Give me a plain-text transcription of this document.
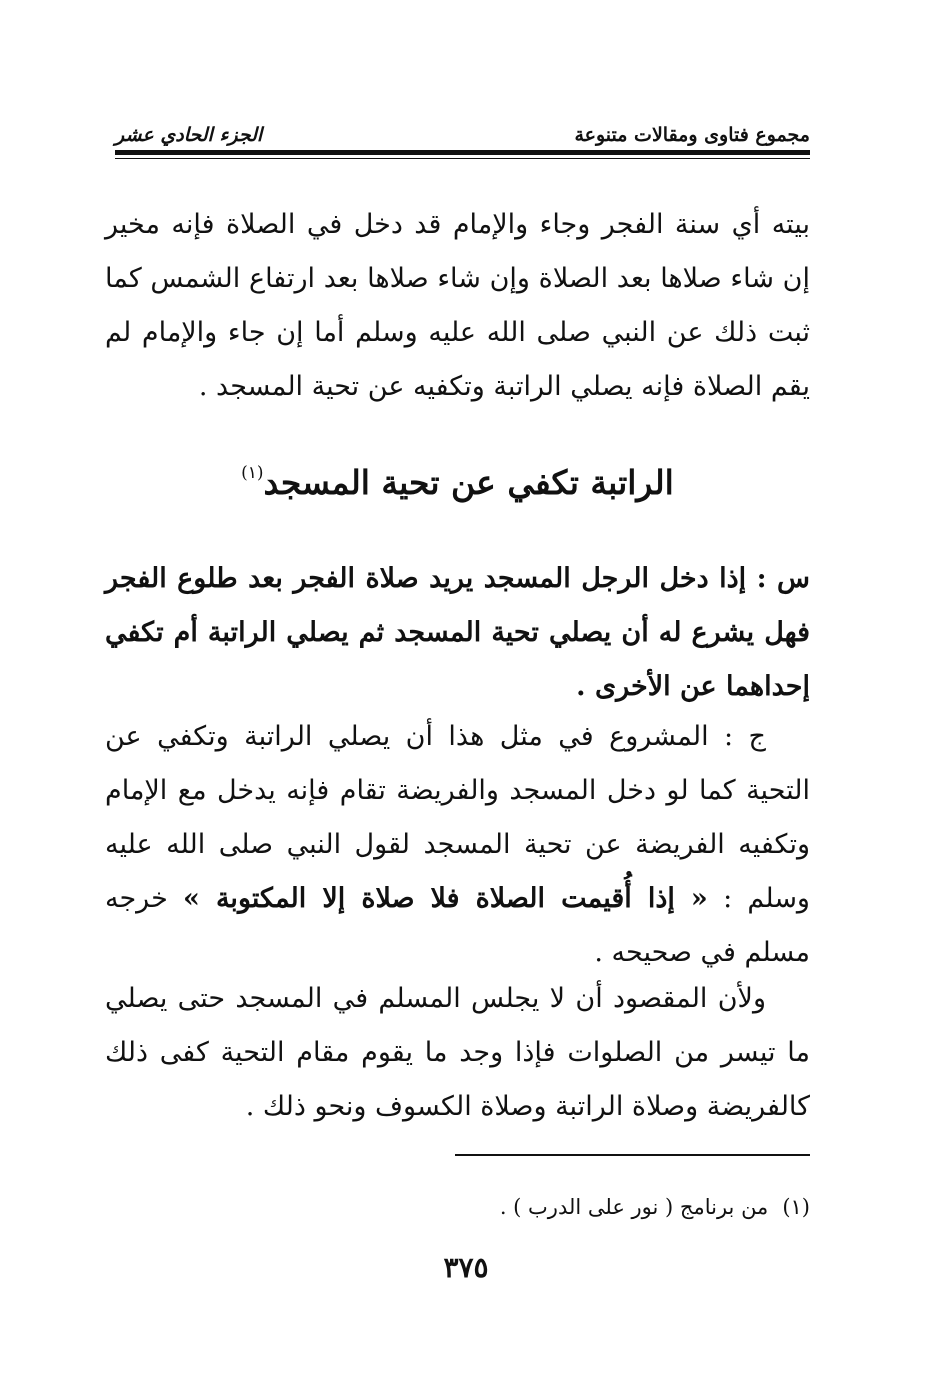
مجموع فتاوى ومقالات متنوعة
الجزء الحادي عشر
بيته أي سنة الفجر وجاء والإمام قد دخل في الصلاة فإنه مخير إن شاء صلاها بعد الصلاة وإن شاء صلاها بعد ارتفاع الشمس كما ثبت ذلك عن النبي صلى الله عليه وسلم أما إن جاء والإمام لم يقم الصلاة فإنه يصلي الراتبة وتكفيه عن تحية المسجد .
الراتبة تكفي عن تحية المسجد$^{(١)}$
س : إذا دخل الرجل المسجد يريد صلاة الفجر بعد طلوع الفجر فهل يشرع له أن يصلي تحية المسجد ثم يصلي الراتبة أم تكفي إحداهما عن الأخرى .
ج : المشروع في مثل هذا أن يصلي الراتبة وتكفي عن التحية كما لو دخل المسجد والفريضة تقام فإنه يدخل مع الإمام وتكفيه الفريضة عن تحية المسجد لقول النبي صلى الله عليه وسلم : « إذا أُقيمت الصلاة فلا صلاة إلا المكتوبة » خرجه مسلم في صحيحه .
ولأن المقصود أن لا يجلس المسلم في المسجد حتى يصلي ما تيسر من الصلوات فإذا وجد ما يقوم مقام التحية كفى ذلك كالفريضة وصلاة الراتبة وصلاة الكسوف ونحو ذلك .
(١)من برنامج ( نور على الدرب ) .
٣٧٥
